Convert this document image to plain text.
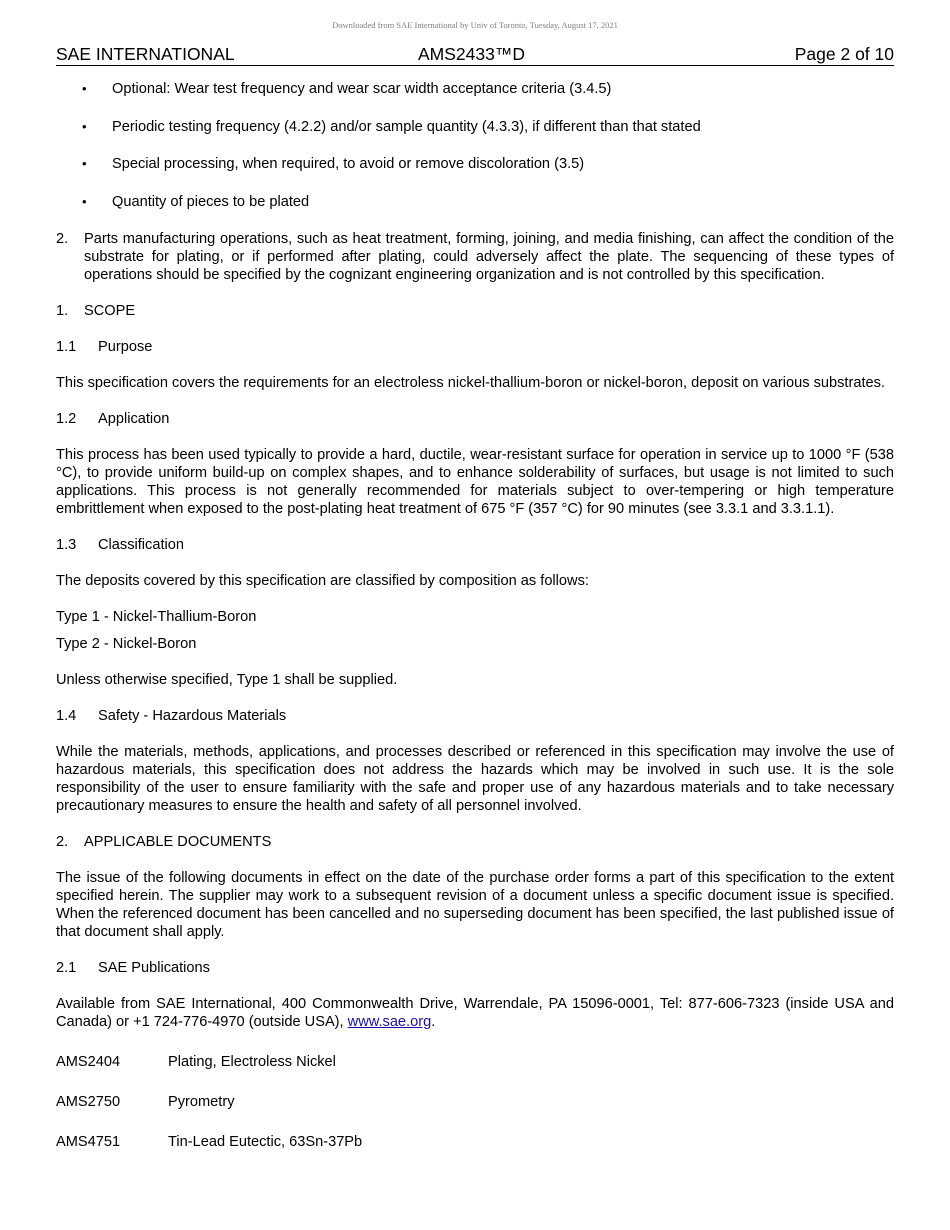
Downloaded from SAE International by Univ of Toronto, Tuesday, August 17, 2021
SAE INTERNATIONAL	AMS2433™D	Page 2 of 10
• Optional: Wear test frequency and wear scar width acceptance criteria (3.4.5)
• Periodic testing frequency (4.2.2) and/or sample quantity (4.3.3), if different than that stated
• Special processing, when required, to avoid or remove discoloration (3.5)
• Quantity of pieces to be plated
2. Parts manufacturing operations, such as heat treatment, forming, joining, and media finishing, can affect the condition of the substrate for plating, or if performed after plating, could adversely affect the plate. The sequencing of these types of operations should be specified by the cognizant engineering organization and is not controlled by this specification.
1. SCOPE
1.1 Purpose

This specification covers the requirements for an electroless nickel-thallium-boron or nickel-boron, deposit on various substrates.

1.2 Application

This process has been used typically to provide a hard, ductile, wear-resistant surface for operation in service up to 1000 °F (538 °C), to provide uniform build-up on complex shapes, and to enhance solderability of surfaces, but usage is not limited to such applications. This process is not generally recommended for materials subject to over-tempering or high temperature embrittlement when exposed to the post-plating heat treatment of 675 °F (357 °C) for 90 minutes (see 3.3.1 and 3.3.1.1).

1.3 Classification

The deposits covered by this specification are classified by composition as follows:

Type 1 - Nickel-Thallium-Boron
Type 2 - Nickel-Boron

Unless otherwise specified, Type 1 shall be supplied.

1.4 Safety - Hazardous Materials

While the materials, methods, applications, and processes described or referenced in this specification may involve the use of hazardous materials, this specification does not address the hazards which may be involved in such use. It is the sole responsibility of the user to ensure familiarity with the safe and proper use of any hazardous materials and to take necessary precautionary measures to ensure the health and safety of all personnel involved.

2. APPLICABLE DOCUMENTS

The issue of the following documents in effect on the date of the purchase order forms a part of this specification to the extent specified herein. The supplier may work to a subsequent revision of a document unless a specific document issue is specified. When the referenced document has been cancelled and no superseding document has been specified, the last published issue of that document shall apply.

2.1 SAE Publications

Available from SAE International, 400 Commonwealth Drive, Warrendale, PA 15096-0001, Tel: 877-606-7323 (inside USA and Canada) or +1 724-776-4970 (outside USA), www.sae.org.

AMS2404	Plating, Electroless Nickel
AMS2750	Pyrometry
AMS4751	Tin-Lead Eutectic, 63Sn-37Pb
